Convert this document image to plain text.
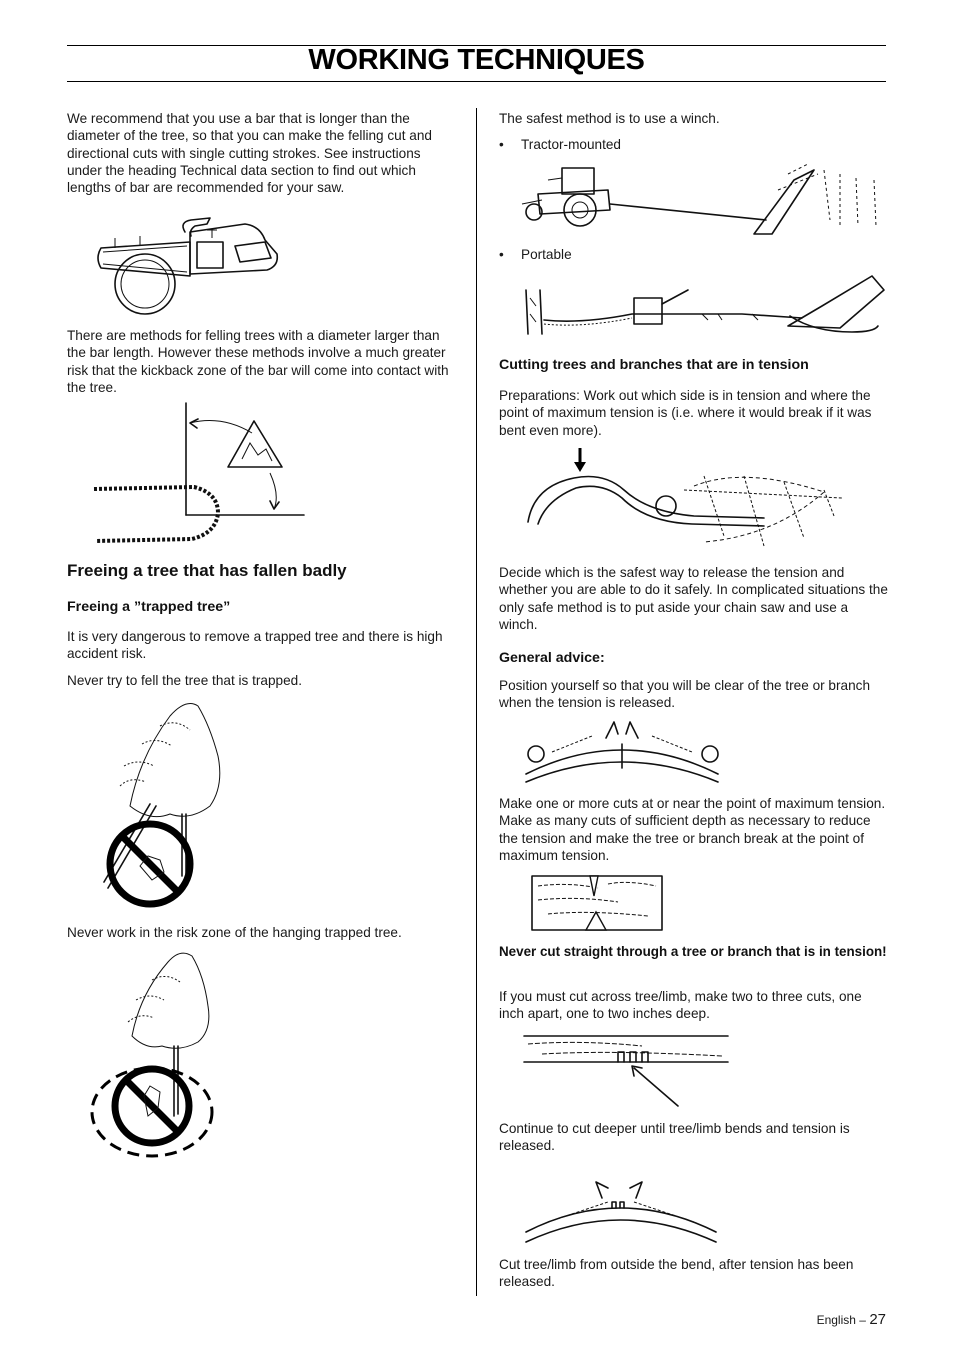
WORKING TECHNIQUES
We recommend that you use a bar that is longer than the diameter of the tree, so that you can make the felling cut and directional cuts with single cutting strokes. See instructions under the heading Technical data section to find out which lengths of bar are recommended for your saw.
There are methods for felling trees with a diameter larger than the bar length. However these methods involve a much greater risk that the kickback zone of the bar will come into contact with the tree.
Freeing a tree that has fallen badly
Freeing a ”trapped tree”
It is very dangerous to remove a trapped tree and there is high accident risk.
Never try to fell the tree that is trapped.
Never work in the risk zone of the hanging trapped tree.
The safest method is to use a winch.
• Tractor-mounted
• Portable
Cutting trees and branches that are in tension
Preparations: Work out which side is in tension and where the point of maximum tension is (i.e. where it would break if it was bent even more).
Decide which is the safest way to release the tension and whether you are able to do it safely. In complicated situations the only safe method is to put aside your chain saw and use a winch.
General advice:
Position yourself so that you will be clear of the tree or branch when the tension is released.
Make one or more cuts at or near the point of maximum tension. Make as many cuts of sufficient depth as necessary to reduce the tension and make the tree or branch break at the point of maximum tension.
Never cut straight through a tree or branch that is in tension!
If you must cut across tree/limb, make two to three cuts, one inch apart, one to two inches deep.
Continue to cut deeper until tree/limb bends and tension is released.
Cut tree/limb from outside the bend, after tension has been released.
English – 27
